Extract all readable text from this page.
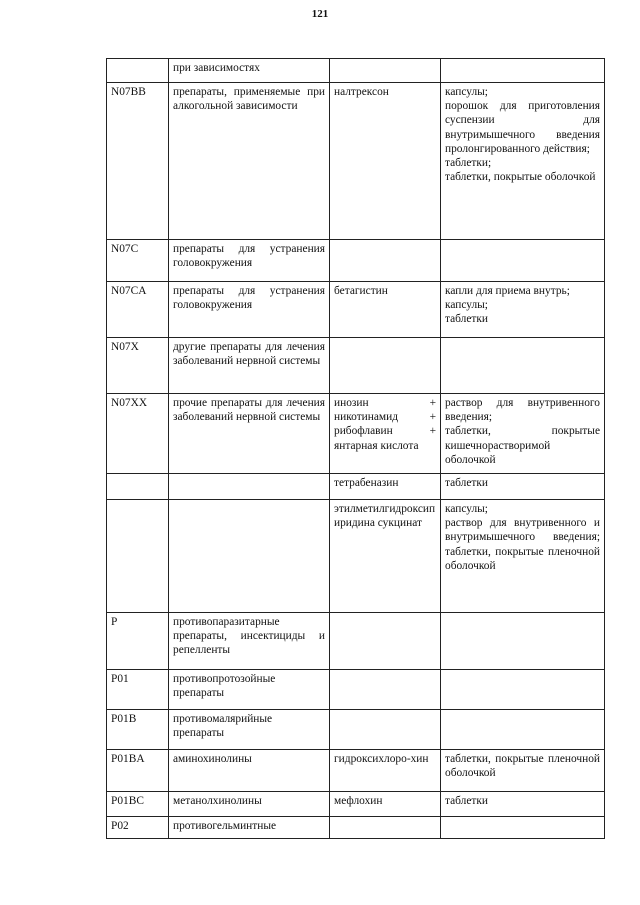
121
	при зависимостях		
N07BB	препараты, применяемые при алкогольной зависимости	налтрексон	капсулы;
порошок для приготовления суспензии для внутримышечного введения пролонгированного действия;
таблетки;
таблетки, покрытые оболочкой
N07C	препараты для устранения головокружения		
N07CA	препараты для устранения головокружения	бетагистин	капли для приема внутрь;
капсулы;
таблетки
N07X	другие препараты для лечения заболеваний нервной системы		
N07XX	прочие препараты для лечения заболеваний нервной системы	инозин + никотинамид + рибофлавин + янтарная кислота	раствор для внутривенного введения;
таблетки, покрытые кишечнорастворимой оболочкой
		тетрабеназин	таблетки
		этилметилгидроксипиридина сукцинат	капсулы;
раствор для внутривенного и внутримышечного введения; таблетки, покрытые пленочной оболочкой
P	противопаразитарные препараты, инсектициды и репелленты		
P01	противопротозойные препараты		
P01B	противомалярийные препараты		
P01BA	аминохинолины	гидроксихлоро-хин	таблетки, покрытые пленочной оболочкой
P01BC	метанолхинолины	мефлохин	таблетки
P02	противогельминтные		
